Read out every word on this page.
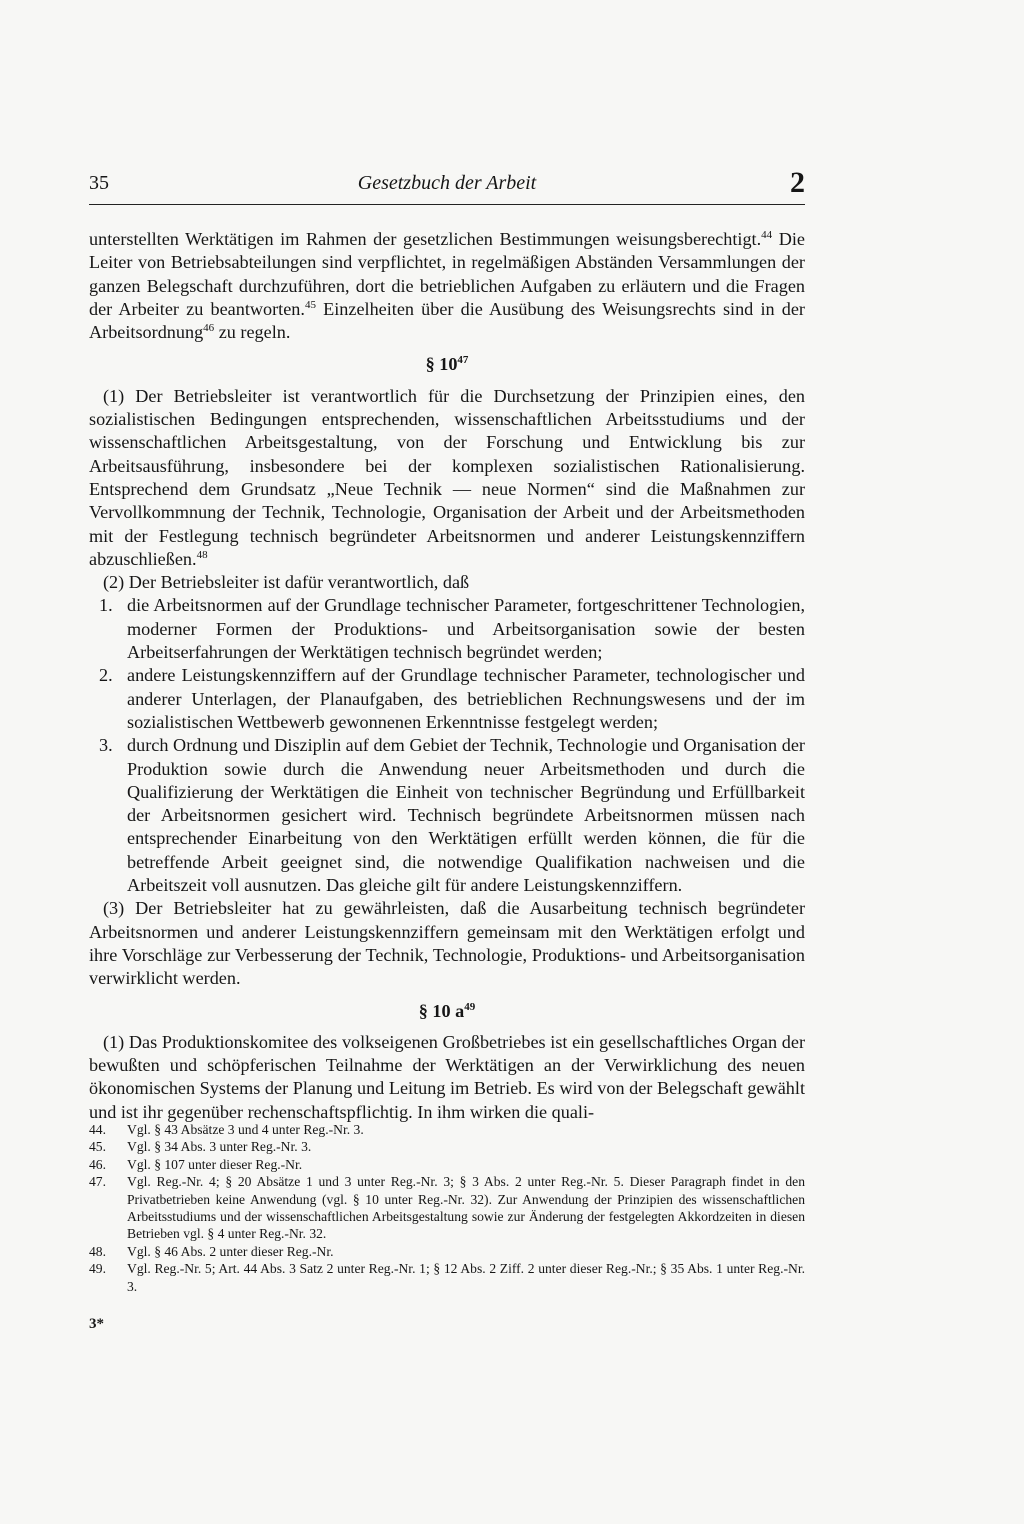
35	Gesetzbuch der Arbeit	2

unterstellten Werktätigen im Rahmen der gesetzlichen Bestimmungen weisungsberechtigt.$^{44}$ Die Leiter von Betriebsabteilungen sind verpflichtet, in regelmäßigen Abständen Versammlungen der ganzen Belegschaft durchzuführen, dort die betrieblichen Aufgaben zu erläutern und die Fragen der Arbeiter zu beantworten.$^{45}$ Einzelheiten über die Ausübung des Weisungsrechts sind in der Arbeitsordnung$^{46}$ zu regeln.

§ $10^{47}$

(1) Der Betriebsleiter ist verantwortlich für die Durchsetzung der Prinzipien eines, den sozialistischen Bedingungen entsprechenden, wissenschaftlichen Arbeitsstudiums und der wissenschaftlichen Arbeitsgestaltung, von der Forschung und Entwicklung bis zur Arbeitsausführung, insbesondere bei der komplexen sozialistischen Rationalisierung. Entsprechend dem Grundsatz „Neue Technik — neue Normen“ sind die Maßnahmen zur Vervollkommnung der Technik, Technologie, Organisation der Arbeit und der Arbeitsmethoden mit der Festlegung technisch begründeter Arbeitsnormen und anderer Leistungskennziffern abzuschließen.$^{48}$

(2) Der Betriebsleiter ist dafür verantwortlich, daß

1. die Arbeitsnormen auf der Grundlage technischer Parameter, fortgeschrittener Technologien, moderner Formen der Produktions- und Arbeitsorganisation sowie der besten Arbeitserfahrungen der Werktätigen technisch begründet werden;
2. andere Leistungskennziffern auf der Grundlage technischer Parameter, technologischer und anderer Unterlagen, der Planaufgaben, des betrieblichen Rechnungswesens und der im sozialistischen Wettbewerb gewonnenen Erkenntnisse festgelegt werden;
3. durch Ordnung und Disziplin auf dem Gebiet der Technik, Technologie und Organisation der Produktion sowie durch die Anwendung neuer Arbeitsmethoden und durch die Qualifizierung der Werktätigen die Einheit von technischer Begründung und Erfüllbarkeit der Arbeitsnormen gesichert wird. Technisch begründete Arbeitsnormen müssen nach entsprechender Einarbeitung von den Werktätigen erfüllt werden können, die für die betreffende Arbeit geeignet sind, die notwendige Qualifikation nachweisen und die Arbeitszeit voll ausnutzen. Das gleiche gilt für andere Leistungskennziffern.

(3) Der Betriebsleiter hat zu gewährleisten, daß die Ausarbeitung technisch begründeter Arbeitsnormen und anderer Leistungskennziffern gemeinsam mit den Werktätigen erfolgt und ihre Vorschläge zur Verbesserung der Technik, Technologie, Produktions- und Arbeitsorganisation verwirklicht werden.

§ 10 $a^{49}$

(1) Das Produktionskomitee des volkseigenen Großbetriebes ist ein gesellschaftliches Organ der bewußten und schöpferischen Teilnahme der Werktätigen an der Verwirklichung des neuen ökonomischen Systems der Planung und Leitung im Betrieb. Es wird von der Belegschaft gewählt und ist ihr gegenüber rechenschaftspflichtig. In ihm wirken die quali-

44.	Vgl. § 43 Absätze 3 und 4 unter Reg.-Nr. 3.
45.	Vgl. § 34 Abs. 3 unter Reg.-Nr. 3.
46.	Vgl. § 107 unter dieser Reg.-Nr.
47.	Vgl. Reg.-Nr. 4; § 20 Absätze 1 und 3 unter Reg.-Nr. 3; § 3 Abs. 2 unter Reg.-Nr. 5. Dieser Paragraph findet in den Privatbetrieben keine Anwendung (vgl. § 10 unter Reg.-Nr. 32). Zur Anwendung der Prinzipien des wissenschaftlichen Arbeitsstudiums und der wissenschaftlichen Arbeitsgestaltung sowie zur Änderung der festgelegten Akkordzeiten in diesen Betrieben vgl. § 4 unter Reg.-Nr. 32.
48.	Vgl. § 46 Abs. 2 unter dieser Reg.-Nr.
49.	Vgl. Reg.-Nr. 5; Art. 44 Abs. 3 Satz 2 unter Reg.-Nr. 1; § 12 Abs. 2 Ziff. 2 unter dieser Reg.-Nr.; § 35 Abs. 1 unter Reg.-Nr. 3.
3*
